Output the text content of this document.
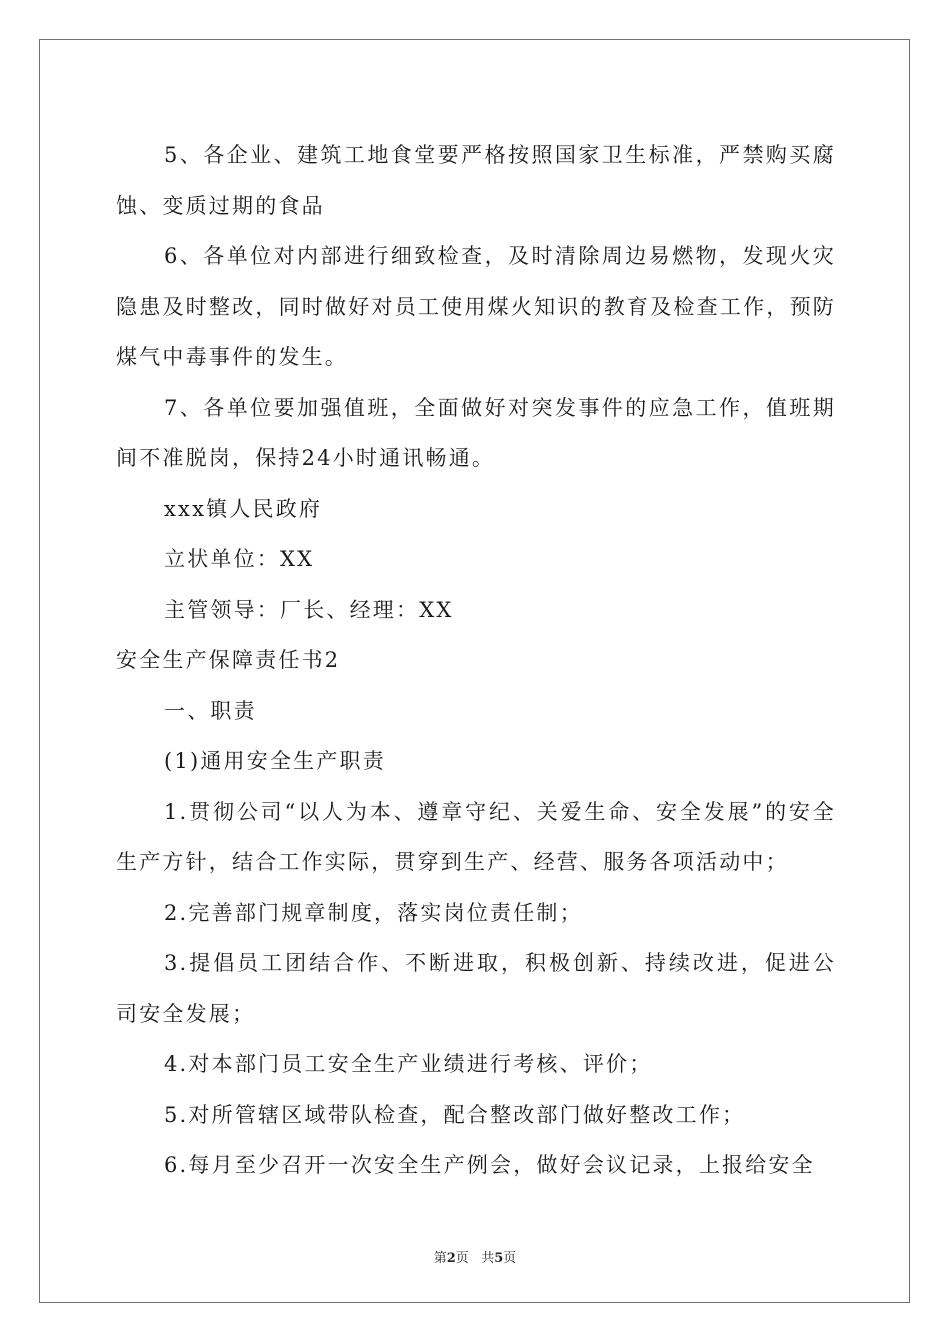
5、各企业、建筑工地食堂要严格按照国家卫生标准，严禁购买腐蚀、变质过期的食品

6、各单位对内部进行细致检查，及时清除周边易燃物，发现火灾隐患及时整改，同时做好对员工使用煤火知识的教育及检查工作，预防煤气中毒事件的发生。

7、各单位要加强值班，全面做好对突发事件的应急工作，值班期间不准脱岗，保持24小时通讯畅通。

xxx镇人民政府

立状单位：XX

主管领导：厂长、经理：XX

安全生产保障责任书2

一、职责

(1)通用安全生产职责

1.贯彻公司“以人为本、遵章守纪、关爱生命、安全发展”的安全生产方针，结合工作实际，贯穿到生产、经营、服务各项活动中；

2.完善部门规章制度，落实岗位责任制；

3.提倡员工团结合作、不断进取，积极创新、持续改进，促进公司安全发展；

4.对本部门员工安全生产业绩进行考核、评价；

5.对所管辖区域带队检查，配合整改部门做好整改工作；

6.每月至少召开一次安全生产例会，做好会议记录，上报给安全

第2页 共5页
